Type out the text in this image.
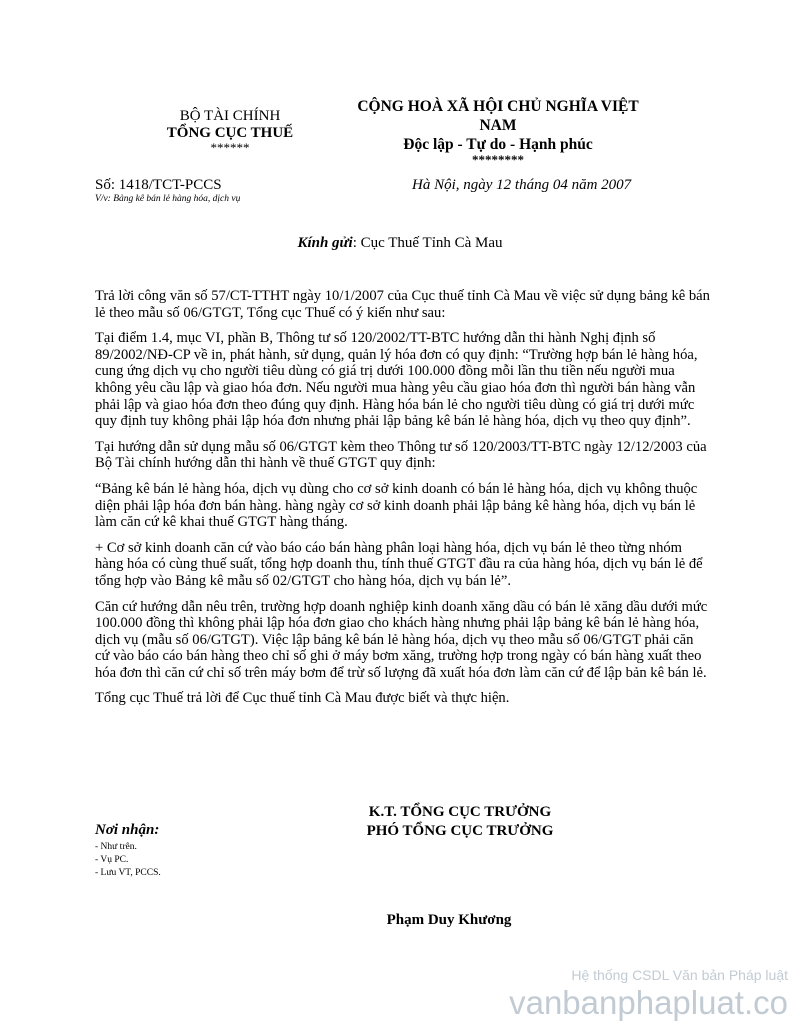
BỘ TÀI CHÍNH
TỔNG CỤC THUẾ
******
CỘNG HOÀ XÃ HỘI CHỦ NGHĨA VIỆT
NAM
Độc lập - Tự do - Hạnh phúc
********
Số: 1418/TCT-PCCS
V/v: Bảng kê bán lẻ hàng hóa, dịch vụ
Hà Nội, ngày 12 tháng 04 năm 2007
Kính gửi: Cục Thuế Tỉnh Cà Mau

Trả lời công văn số 57/CT-TTHT ngày 10/1/2007 của Cục thuế tỉnh Cà Mau về việc sử dụng bảng kê bán lẻ theo mẫu số 06/GTGT, Tổng cục Thuế có ý kiến như sau:

Tại điểm 1.4, mục VI, phần B, Thông tư số 120/2002/TT-BTC hướng dẫn thi hành Nghị định số 89/2002/NĐ-CP về in, phát hành, sử dụng, quản lý hóa đơn có quy định: “Trường hợp bán lẻ hàng hóa, cung ứng dịch vụ cho người tiêu dùng có giá trị dưới 100.000 đồng mỗi lần thu tiền nếu người mua không yêu cầu lập và giao hóa đơn. Nếu người mua hàng yêu cầu giao hóa đơn thì người bán hàng vẫn phải lập và giao hóa đơn theo đúng quy định. Hàng hóa bán lẻ cho người tiêu dùng có giá trị dưới mức quy định tuy không phải lập hóa đơn nhưng phải lập bảng kê bán lẻ hàng hóa, dịch vụ theo quy định”.

Tại hướng dẫn sử dụng mẫu số 06/GTGT kèm theo Thông tư số 120/2003/TT-BTC ngày 12/12/2003 của Bộ Tài chính hướng dẫn thi hành về thuế GTGT quy định:

“Bảng kê bán lẻ hàng hóa, dịch vụ dùng cho cơ sở kinh doanh có bán lẻ hàng hóa, dịch vụ không thuộc diện phải lập hóa đơn bán hàng. hàng ngày cơ sở kinh doanh phải lập bảng kê hàng hóa, dịch vụ bán lẻ làm căn cứ kê khai thuế GTGT hàng tháng.

+ Cơ sở kinh doanh căn cứ vào báo cáo bán hàng phân loại hàng hóa, dịch vụ bán lẻ theo từng nhóm hàng hóa có cùng thuế suất, tổng hợp doanh thu, tính thuế GTGT đầu ra của hàng hóa, dịch vụ bán lẻ để tổng hợp vào Bảng kê mẫu số 02/GTGT cho hàng hóa, dịch vụ bán lẻ”.

Căn cứ hướng dẫn nêu trên, trường hợp doanh nghiệp kinh doanh xăng dầu có bán lẻ xăng dầu dưới mức 100.000 đồng thì không phải lập hóa đơn giao cho khách hàng nhưng phải lập bảng kê bán lẻ hàng hóa, dịch vụ (mẫu số 06/GTGT). Việc lập bảng kê bán lẻ hàng hóa, dịch vụ theo mẫu số 06/GTGT phải căn cứ vào báo cáo bán hàng theo chỉ số ghi ở máy bơm xăng, trường hợp trong ngày có bán hàng xuất theo hóa đơn thì căn cứ chỉ số trên máy bơm để trừ số lượng đã xuất hóa đơn làm căn cứ để lập bản kê bán lẻ.

Tổng cục Thuế trả lời để Cục thuế tỉnh Cà Mau được biết và thực hiện.

K.T. TỔNG CỤC TRƯỞNG
PHÓ TỔNG CỤC TRƯỞNG
Nơi nhận:
- Như trên.
- Vụ PC.
- Lưu VT, PCCS.
Phạm Duy Khương
Hệ thống CSDL Văn bản Pháp luật
vanbanphapluat.co
